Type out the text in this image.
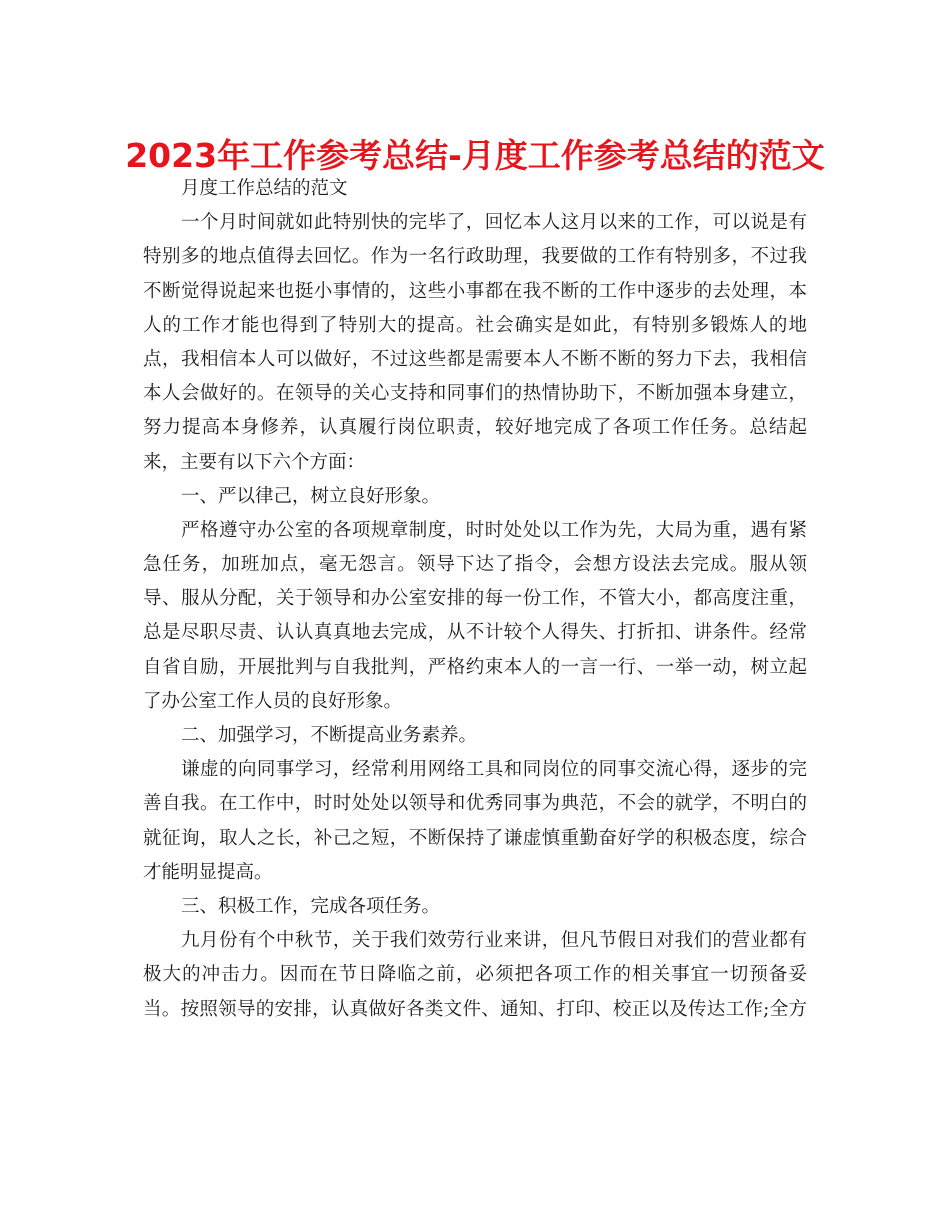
2023年工作参考总结-月度工作参考总结的范文
月度工作总结的范文
一个月时间就如此特别快的完毕了，回忆本人这月以来的工作，可以说是有
特别多的地点值得去回忆。作为一名行政助理，我要做的工作有特别多，不过我
不断觉得说起来也挺小事情的，这些小事都在我不断的工作中逐步的去处理，本
人的工作才能也得到了特别大的提高。社会确实是如此，有特别多锻炼人的地
点，我相信本人可以做好，不过这些都是需要本人不断不断的努力下去，我相信
本人会做好的。在领导的关心支持和同事们的热情协助下，不断加强本身建立，
努力提高本身修养，认真履行岗位职责，较好地完成了各项工作任务。总结起
来，主要有以下六个方面：
一、严以律己，树立良好形象。
严格遵守办公室的各项规章制度，时时处处以工作为先，大局为重，遇有紧
急任务，加班加点，毫无怨言。领导下达了指令，会想方设法去完成。服从领
导、服从分配，关于领导和办公室安排的每一份工作，不管大小，都高度注重，
总是尽职尽责、认认真真地去完成，从不计较个人得失、打折扣、讲条件。经常
自省自励，开展批判与自我批判，严格约束本人的一言一行、一举一动，树立起
了办公室工作人员的良好形象。
二、加强学习，不断提高业务素养。
谦虚的向同事学习，经常利用网络工具和同岗位的同事交流心得，逐步的完
善自我。在工作中，时时处处以领导和优秀同事为典范，不会的就学，不明白的
就征询，取人之长，补己之短，不断保持了谦虚慎重勤奋好学的积极态度，综合
才能明显提高。
三、积极工作，完成各项任务。
九月份有个中秋节，关于我们效劳行业来讲，但凡节假日对我们的营业都有
极大的冲击力。因而在节日降临之前，必须把各项工作的相关事宜一切预备妥
当。按照领导的安排，认真做好各类文件、通知、打印、校正以及传达工作;全方
